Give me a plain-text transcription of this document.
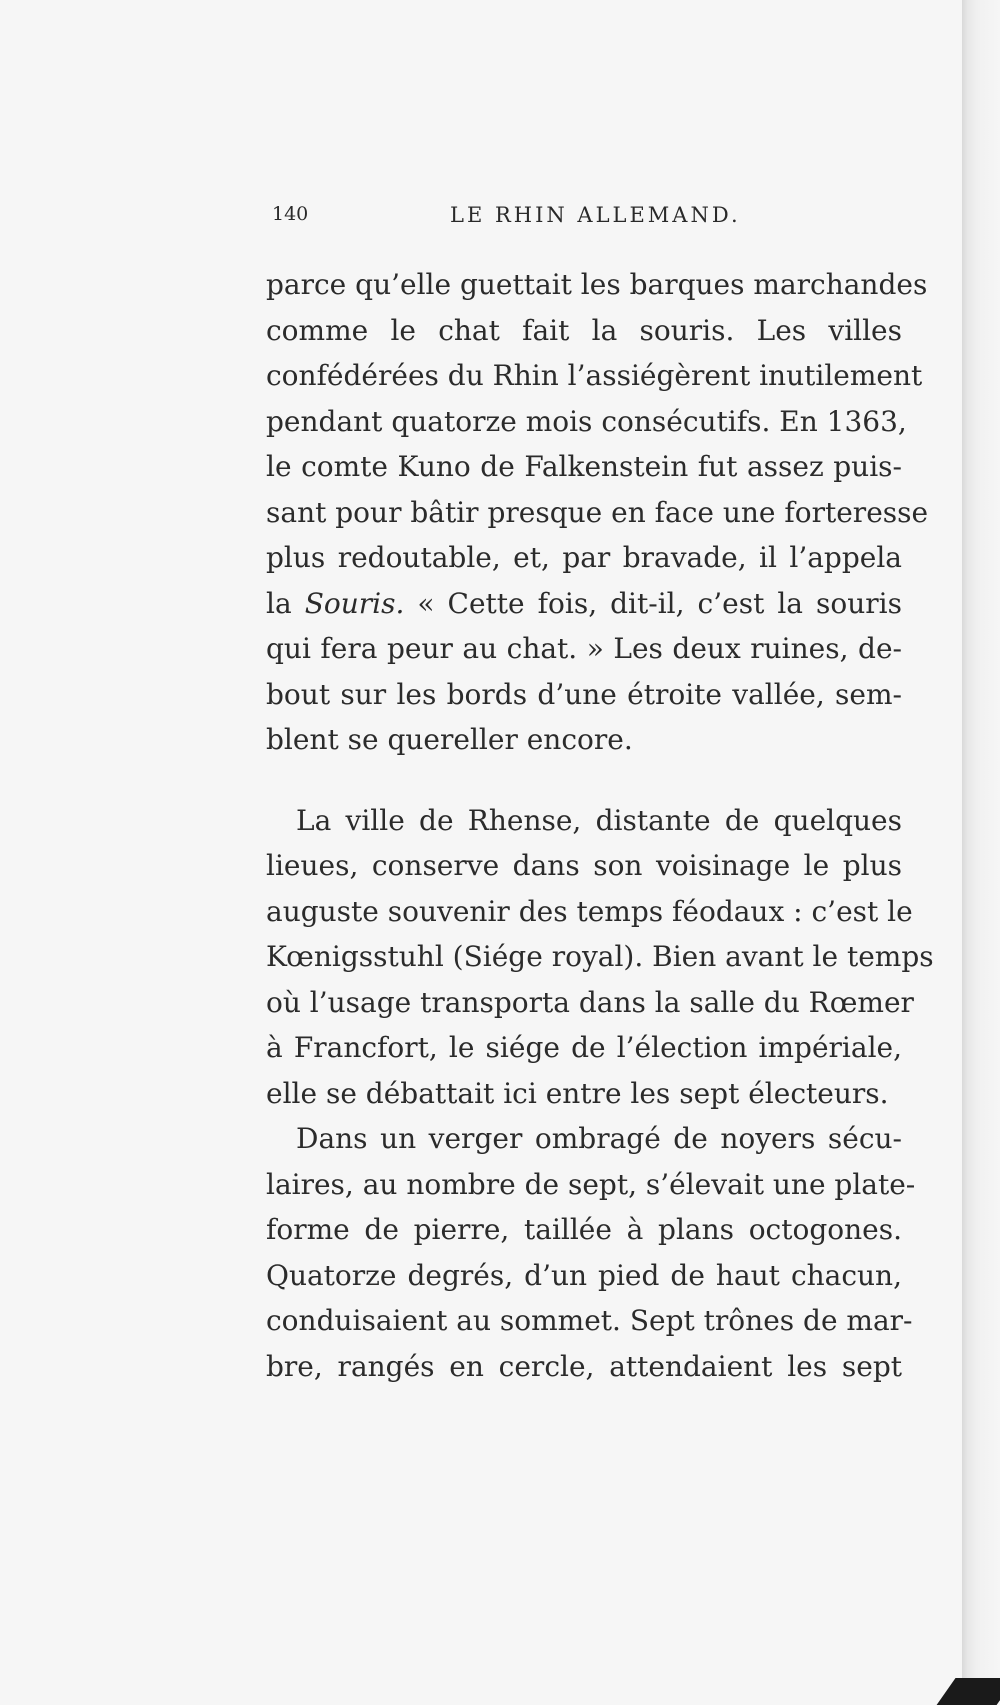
140	LE RHIN ALLEMAND.
parce qu’elle guettait les barques marchandes
comme le chat fait la souris. Les villes
confédérées du Rhin l’assiégèrent inutilement
pendant quatorze mois consécutifs. En 1363,
le comte Kuno de Falkenstein fut assez puis-
sant pour bâtir presque en face une forteresse
plus redoutable, et, par bravade, il l’appela
la Souris. « Cette fois, dit-il, c’est la souris
qui fera peur au chat. » Les deux ruines, de-
bout sur les bords d’une étroite vallée, sem-
blent se quereller encore.
La ville de Rhense, distante de quelques
lieues, conserve dans son voisinage le plus
auguste souvenir des temps féodaux : c’est le
Kœnigsstuhl (Siége royal). Bien avant le temps
où l’usage transporta dans la salle du Rœmer
à Francfort, le siége de l’élection impériale,
elle se débattait ici entre les sept électeurs.
Dans un verger ombragé de noyers sécu-
laires, au nombre de sept, s’élevait une plate-
forme de pierre, taillée à plans octogones.
Quatorze degrés, d’un pied de haut chacun,
conduisaient au sommet. Sept trônes de mar-
bre, rangés en cercle, attendaient les sept
